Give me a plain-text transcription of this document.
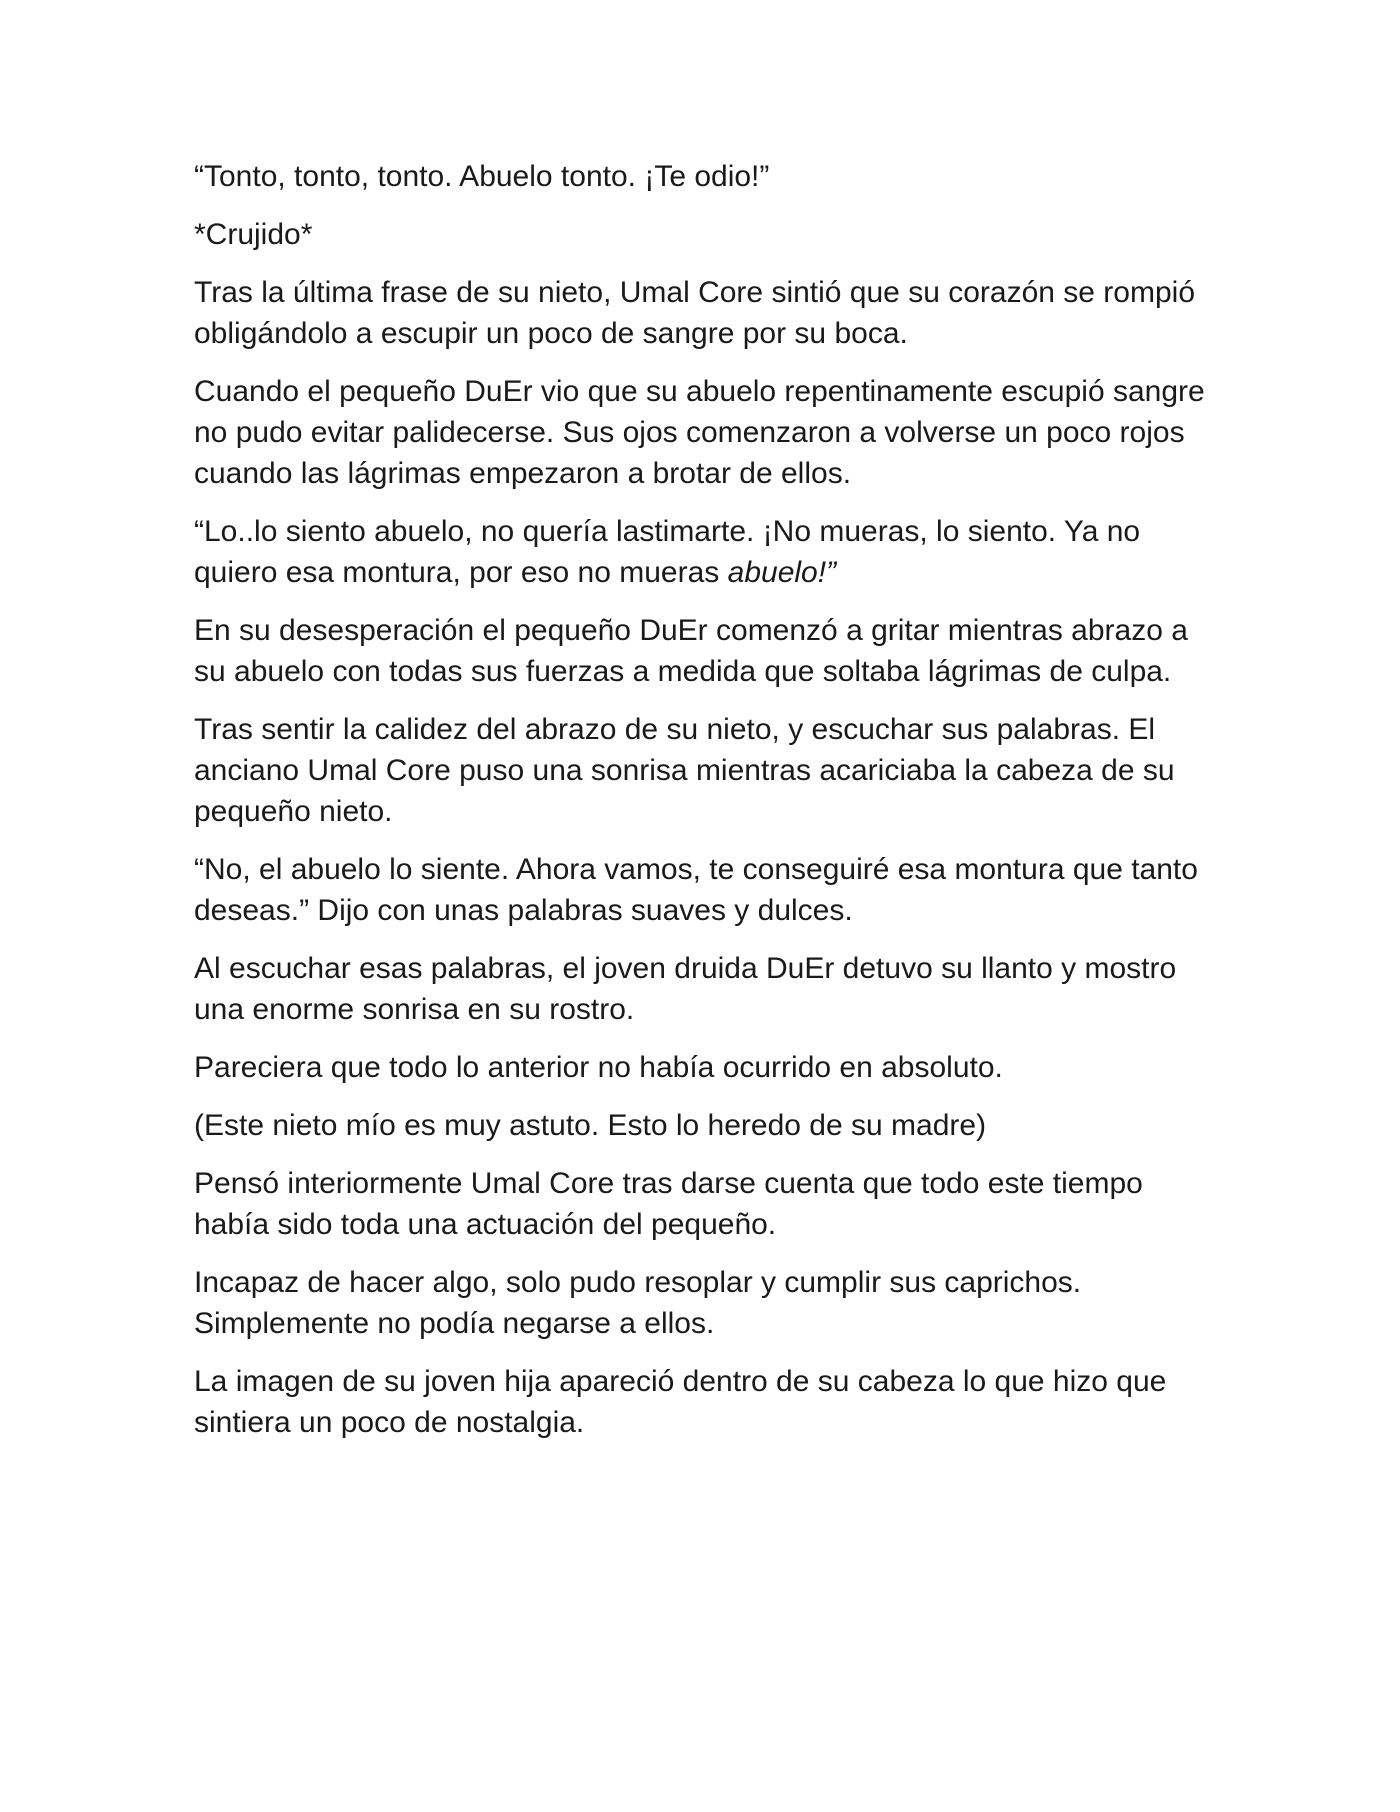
“Tonto, tonto, tonto. Abuelo tonto. ¡Te odio!”

*Crujido*

Tras la última frase de su nieto, Umal Core sintió que su corazón se rompió obligándolo a escupir un poco de sangre por su boca.

Cuando el pequeño DuEr vio que su abuelo repentinamente escupió sangre no pudo evitar palidecerse. Sus ojos comenzaron a volverse un poco rojos cuando las lágrimas empezaron a brotar de ellos.

“Lo..lo siento abuelo, no quería lastimarte. ¡No mueras, lo siento. Ya no quiero esa montura, por eso no mueras abuelo!”

En su desesperación el pequeño DuEr comenzó a gritar mientras abrazo a su abuelo con todas sus fuerzas a medida que soltaba lágrimas de culpa.

Tras sentir la calidez del abrazo de su nieto, y escuchar sus palabras. El anciano Umal Core puso una sonrisa mientras acariciaba la cabeza de su pequeño nieto.

“No, el abuelo lo siente. Ahora vamos, te conseguiré esa montura que tanto deseas.” Dijo con unas palabras suaves y dulces.

Al escuchar esas palabras, el joven druida DuEr detuvo su llanto y mostro una enorme sonrisa en su rostro.

Pareciera que todo lo anterior no había ocurrido en absoluto.

(Este nieto mío es muy astuto. Esto lo heredo de su madre)

Pensó interiormente Umal Core tras darse cuenta que todo este tiempo había sido toda una actuación del pequeño.

Incapaz de hacer algo, solo pudo resoplar y cumplir sus caprichos. Simplemente no podía negarse a ellos.

La imagen de su joven hija apareció dentro de su cabeza lo que hizo que sintiera un poco de nostalgia.
